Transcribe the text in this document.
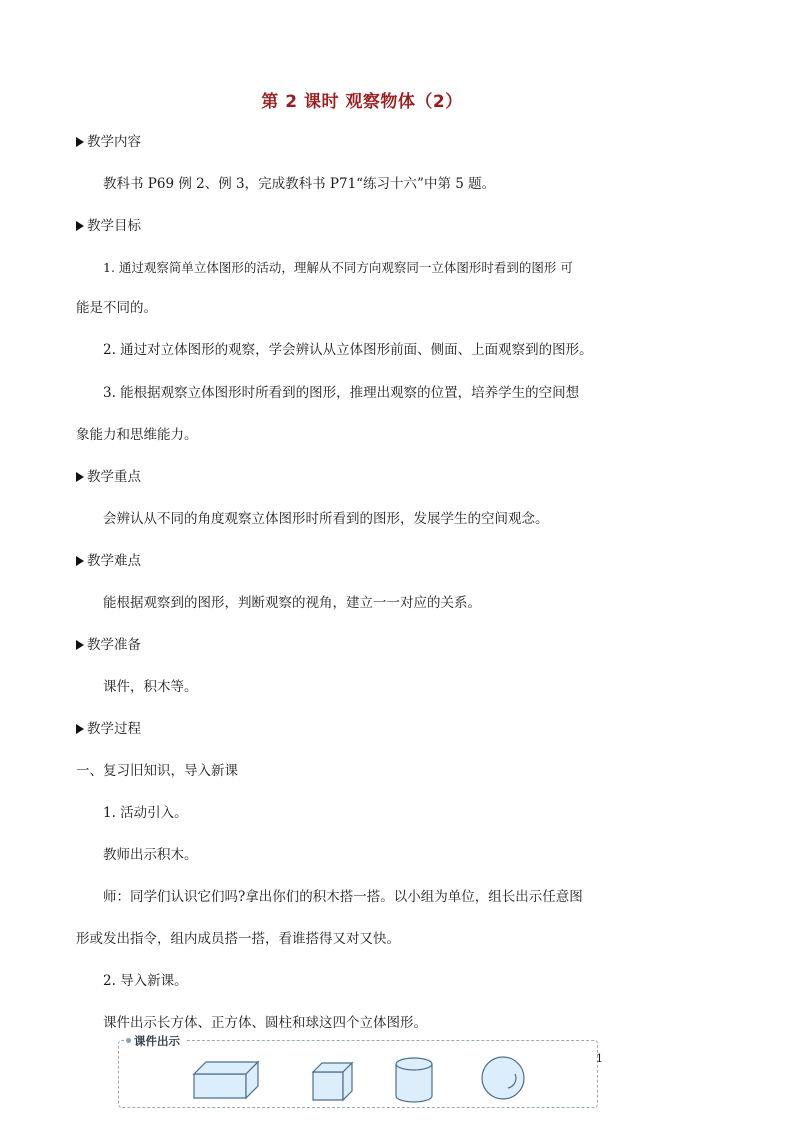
第 2 课时 观察物体（2）
教学内容
教科书 P69 例 2、例 3，完成教科书 P71“练习十六”中第 5 题。
教学目标
1. 通过观察简单立体图形的活动，理解从不同方向观察同一立体图形时看到的图形 可
能是不同的。
2. 通过对立体图形的观察，学会辨认从立体图形前面、侧面、上面观察到的图形。
3. 能根据观察立体图形时所看到的图形，推理出观察的位置，培养学生的空间想
象能力和思维能力。
教学重点
会辨认从不同的角度观察立体图形时所看到的图形，发展学生的空间观念。
教学难点
能根据观察到的图形，判断观察的视角，建立一一对应的关系。
教学准备
课件，积木等。
教学过程
一、复习旧知识，导入新课
1. 活动引入。
教师出示积木。
师：同学们认识它们吗?拿出你们的积木搭一搭。以小组为单位，组长出示任意图
形或发出指令，组内成员搭一搭，看谁搭得又对又快。
2. 导入新课。
课件出示长方体、正方体、圆柱和球这四个立体图形。
课件出示
1
